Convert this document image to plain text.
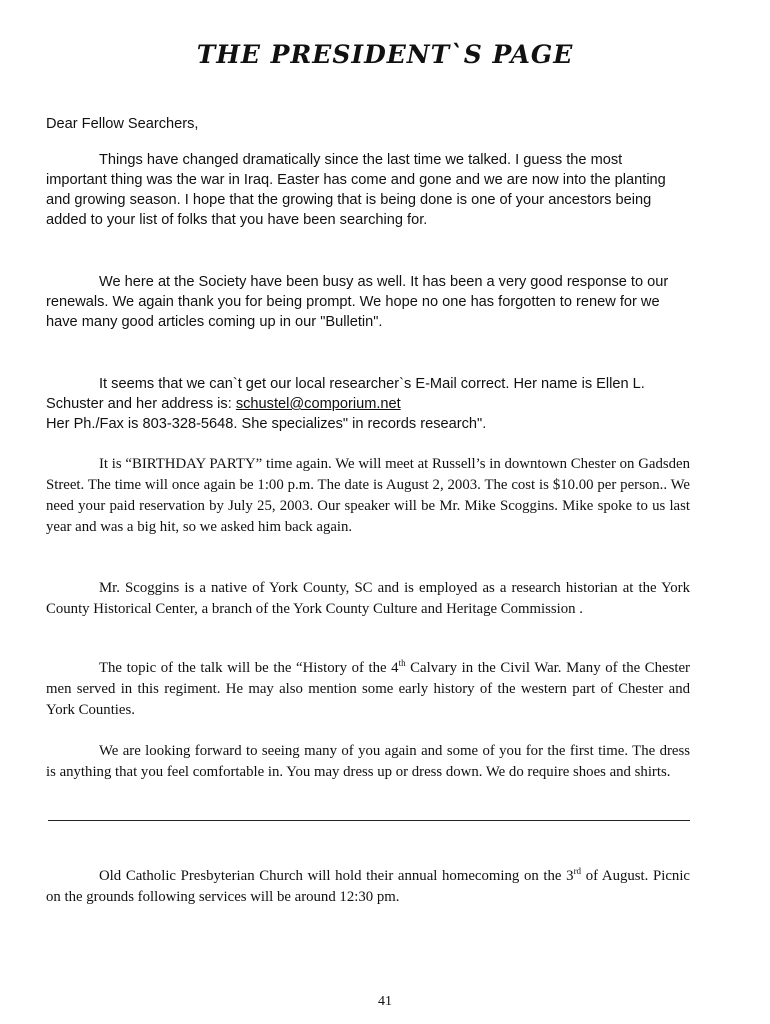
THE PRESIDENT`S PAGE
Dear Fellow Searchers,
Things have changed dramatically since the last time we talked. I guess the most important thing was the war in Iraq. Easter has come and gone and we are now into the planting and growing season. I hope that the growing that is being done is one of your ancestors being added to your list of folks that you have been searching for.
We here at the Society have been busy as well. It has been a very good response to our renewals. We again thank you for being prompt. We hope no one has forgotten to renew for we have many good articles coming up in our "Bulletin".
It seems that we can`t get our local researcher`s E-Mail correct. Her name is Ellen L. Schuster and her address is: schustel@comporium.net
Her Ph./Fax is 803-328-5648. She specializes" in records research".
It is “BIRTHDAY PARTY” time again. We will meet at Russell’s in downtown Chester on Gadsden Street. The time will once again be 1:00 p.m. The date is August 2, 2003. The cost is $10.00 per person.. We need your paid reservation by July 25, 2003. Our speaker will be Mr. Mike Scoggins. Mike spoke to us last year and was a big hit, so we asked him back again.
Mr. Scoggins is a native of York County, SC and is employed as a research historian at the York County Historical Center, a branch of the York County Culture and Heritage Commission .
The topic of the talk will be the “History of the 4th Calvary in the Civil War. Many of the Chester men served in this regiment. He may also mention some early history of the western part of Chester and York Counties.
We are looking forward to seeing many of you again and some of you for the first time. The dress is anything that you feel comfortable in. You may dress up or dress down. We do require shoes and shirts.
Old Catholic Presbyterian Church will hold their annual homecoming on the 3rd of August. Picnic on the grounds following services will be around 12:30 pm.
41
